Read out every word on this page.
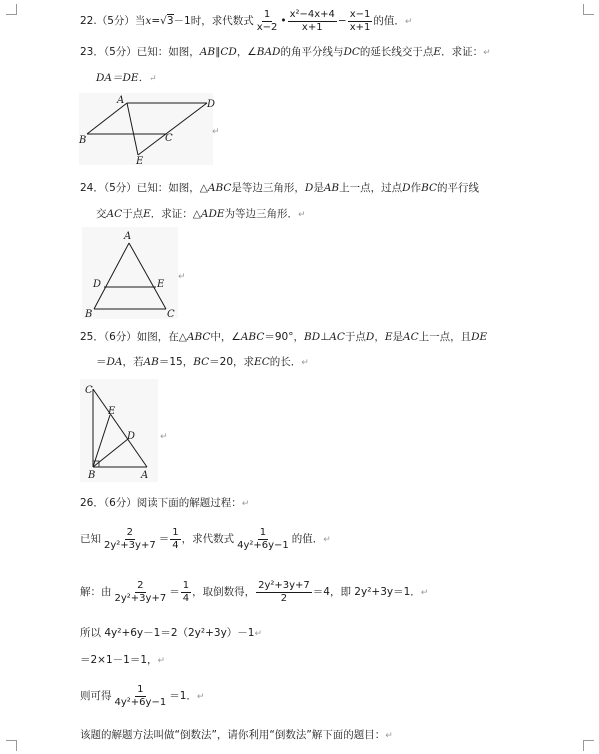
22.（5分）当x=√3－1时，求代数式 $\frac{1}{x-2}$ • $\frac{\text{x²−4x+4}}{x+1} - \frac{x-1}{x+1}$ 的值．↵
23．（5分）已知：如图，AB∥CD，∠BAD的角平分线与DC的延长线交于点E．求证：↵
DA＝DE．↵
A	D
B	C
E
↵
24．（5分）已知：如图，△ABC是等边三角形，D是AB上一点，过点D作BC的平行线
交AC于点E．求证：△ADE为等边三角形．↵
A
D	E
B	C
↵
25．（6分）如图，在△ABC中，∠ABC＝90°，BD⊥AC于点D，E是AC上一点，且DE
＝DA，若AB＝15，BC＝20，求EC的长．↵
C
E
D
B	A
↵
26．（6分）阅读下面的解题过程：↵
已知 $\frac{2}{\text{2y²+3y+7}} = \frac{1}{4}$ ，求代数式 $\frac{1}{\text{4y²+6y−1}}$ 的值．↵
解：由 $\frac{2}{\text{2y²+3y+7}} = \frac{1}{4}$ ，取倒数得， $\frac{\text{2y²+3y+7}}{2} =4$，即 2y²+3y＝1．↵
所以 4y²+6y－1＝2（2y²+3y）－1↵
＝2×1－1＝1，↵
则可得 $\frac{1}{\text{4y²+6y−1}} =1$．↵
该题的解题方法叫做“倒数法”，请你利用“倒数法”解下面的题目：↵
